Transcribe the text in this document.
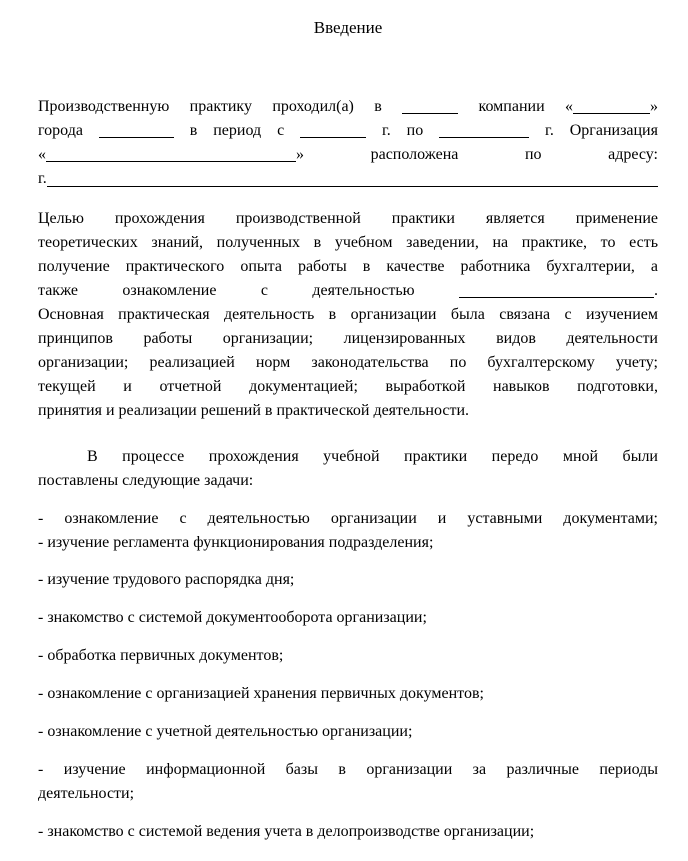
Введение
Производственную практику проходил(а) в	компании «	»
города	в период с	г. по	г. Организация
«	» расположена по адресу:
г.
Целью прохождения производственной практики является применение
теоретических знаний, полученных в учебном заведении, на практике, то есть
получение практического опыта работы в качестве работника бухгалтерии, а
также ознакомление с деятельностью	.
Основная практическая деятельность в организации была связана с изучением
принципов работы организации; лицензированных видов деятельности
организации; реализацией норм законодательства по бухгалтерскому учету;
текущей и отчетной документацией; выработкой навыков подготовки,
принятия и реализации решений в практической деятельности.
В процессе прохождения учебной практики передо мной были
поставлены следующие задачи:
- ознакомление с деятельностью организации и уставными документами;
- изучение регламента функционирования подразделения;
- изучение трудового распорядка дня;
- знакомство с системой документооборота организации;
- обработка первичных документов;
- ознакомление с организацией хранения первичных документов;
- ознакомление с учетной деятельностью организации;
- изучение информационной базы в организации за различные периоды
деятельности;
- знакомство с системой ведения учета в делопроизводстве организации;
